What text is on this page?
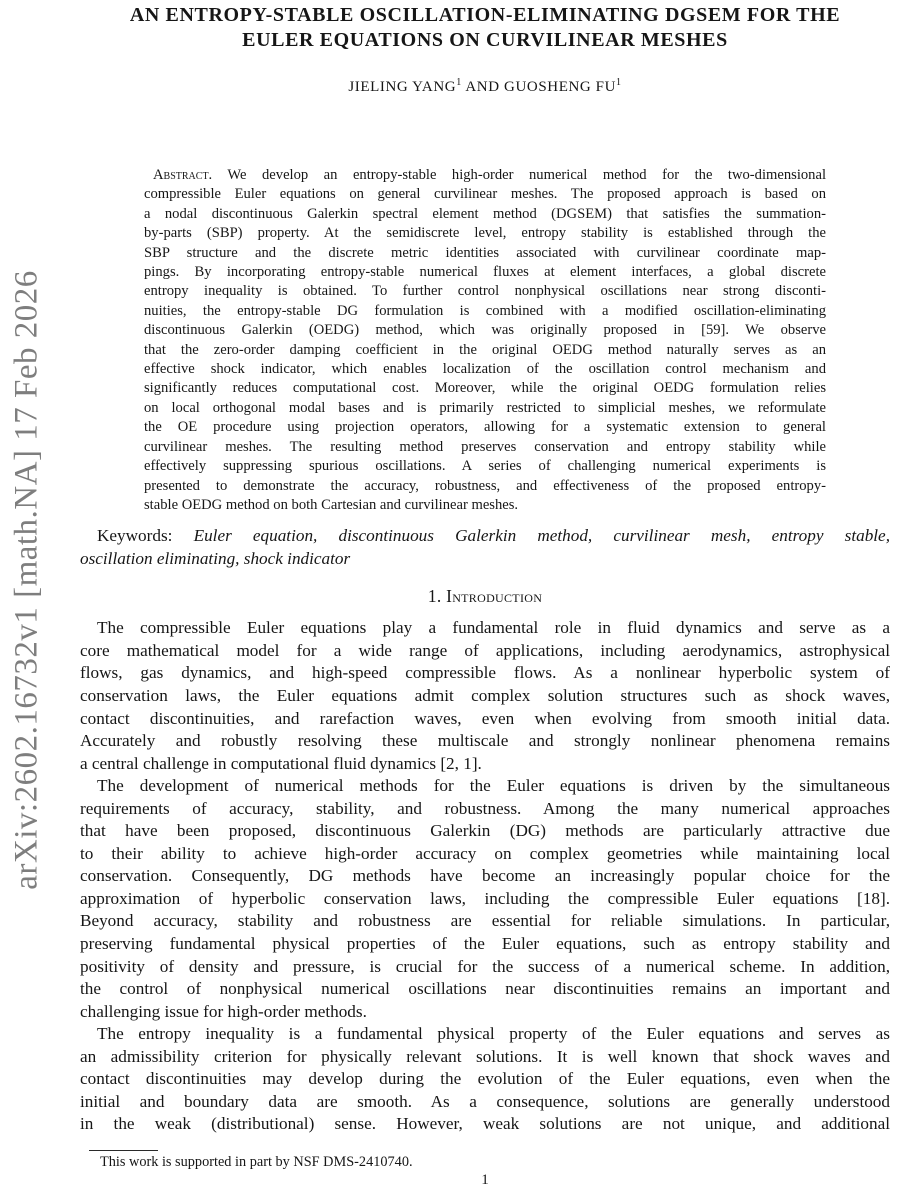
arXiv:2602.16732v1 [math.NA] 17 Feb 2026
AN ENTROPY-STABLE OSCILLATION-ELIMINATING DGSEM FOR THE
EULER EQUATIONS ON CURVILINEAR MESHES
JIELING YANG$^1$ AND GUOSHENG $FU^1$
Abstract. We develop an entropy-stable high-order numerical method for the two-dimensional
compressible Euler equations on general curvilinear meshes. The proposed approach is based on
a nodal discontinuous Galerkin spectral element method (DGSEM) that satisfies the summation-
by-parts (SBP) property. At the semidiscrete level, entropy stability is established through the
SBP structure and the discrete metric identities associated with curvilinear coordinate map-
pings. By incorporating entropy-stable numerical fluxes at element interfaces, a global discrete
entropy inequality is obtained. To further control nonphysical oscillations near strong disconti-
nuities, the entropy-stable DG formulation is combined with a modified oscillation-eliminating
discontinuous Galerkin (OEDG) method, which was originally proposed in [59]. We observe
that the zero-order damping coefficient in the original OEDG method naturally serves as an
effective shock indicator, which enables localization of the oscillation control mechanism and
significantly reduces computational cost. Moreover, while the original OEDG formulation relies
on local orthogonal modal bases and is primarily restricted to simplicial meshes, we reformulate
the OE procedure using projection operators, allowing for a systematic extension to general
curvilinear meshes. The resulting method preserves conservation and entropy stability while
effectively suppressing spurious oscillations. A series of challenging numerical experiments is
presented to demonstrate the accuracy, robustness, and effectiveness of the proposed entropy-
stable OEDG method on both Cartesian and curvilinear meshes.
Keywords: Euler equation, discontinuous Galerkin method, curvilinear mesh, entropy stable,
oscillation eliminating, shock indicator
1. Introduction
The compressible Euler equations play a fundamental role in fluid dynamics and serve as a
core mathematical model for a wide range of applications, including aerodynamics, astrophysical
flows, gas dynamics, and high-speed compressible flows. As a nonlinear hyperbolic system of
conservation laws, the Euler equations admit complex solution structures such as shock waves,
contact discontinuities, and rarefaction waves, even when evolving from smooth initial data.
Accurately and robustly resolving these multiscale and strongly nonlinear phenomena remains
a central challenge in computational fluid dynamics [2, 1].
The development of numerical methods for the Euler equations is driven by the simultaneous
requirements of accuracy, stability, and robustness. Among the many numerical approaches
that have been proposed, discontinuous Galerkin (DG) methods are particularly attractive due
to their ability to achieve high-order accuracy on complex geometries while maintaining local
conservation. Consequently, DG methods have become an increasingly popular choice for the
approximation of hyperbolic conservation laws, including the compressible Euler equations [18].
Beyond accuracy, stability and robustness are essential for reliable simulations. In particular,
preserving fundamental physical properties of the Euler equations, such as entropy stability and
positivity of density and pressure, is crucial for the success of a numerical scheme. In addition,
the control of nonphysical numerical oscillations near discontinuities remains an important and
challenging issue for high-order methods.
The entropy inequality is a fundamental physical property of the Euler equations and serves as
an admissibility criterion for physically relevant solutions. It is well known that shock waves and
contact discontinuities may develop during the evolution of the Euler equations, even when the
initial and boundary data are smooth. As a consequence, solutions are generally understood
in the weak (distributional) sense. However, weak solutions are not unique, and additional
This work is supported in part by NSF DMS-2410740.
1
